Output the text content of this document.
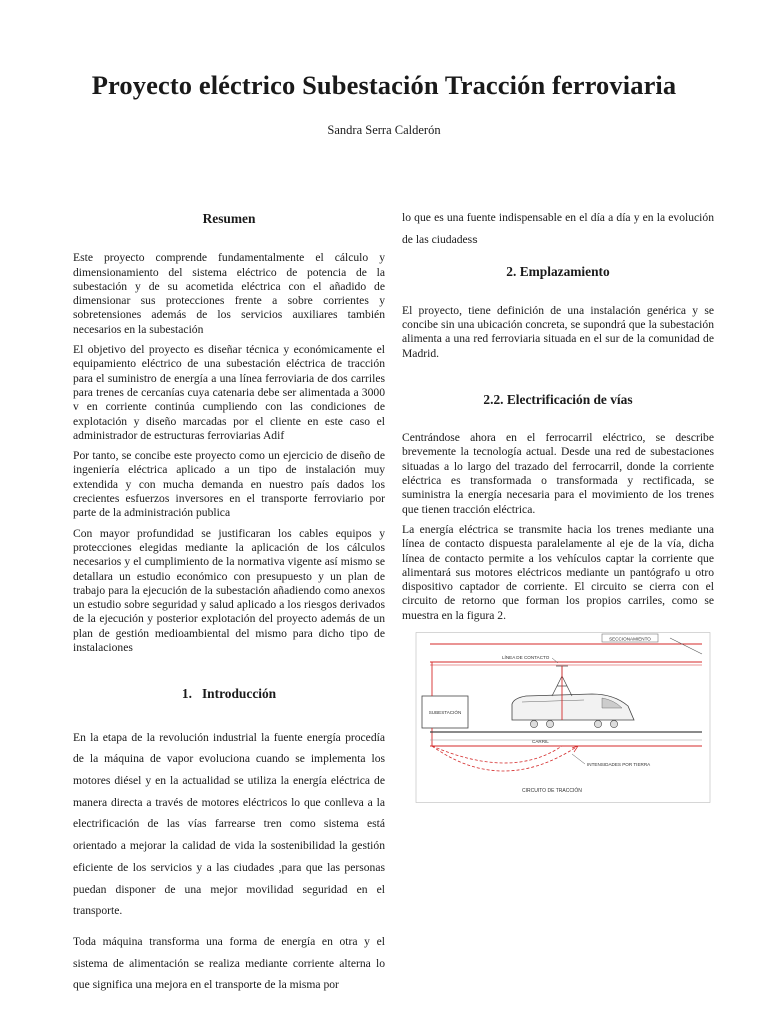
Proyecto eléctrico Subestación Tracción ferroviaria
Sandra Serra Calderón
Resumen

Este proyecto comprende fundamentalmente el cálculo y dimensionamiento del sistema eléctrico de potencia de la subestación y de su acometida eléctrica con el añadido de dimensionar sus protecciones frente a sobre corrientes y sobretensiones además de los servicios auxiliares también necesarios en la subestación

El objetivo del proyecto es diseñar técnica y económicamente el equipamiento eléctrico de una subestación eléctrica de tracción para el suministro de energía a una línea ferroviaria de dos carriles para trenes de cercanías cuya catenaria debe ser alimentada a 3000 v en corriente continúa cumpliendo con las condiciones de explotación y diseño marcadas por el cliente en este caso el administrador de estructuras ferroviarias Adif

Por tanto, se concibe este proyecto como un ejercicio de diseño de ingeniería eléctrica aplicado a un tipo de instalación muy extendida y con mucha demanda en nuestro país dados los crecientes esfuerzos inversores en el transporte ferroviario por parte de la administración publica

Con mayor profundidad se justificaran los cables equipos y protecciones elegidas mediante la aplicación de los cálculos necesarios y el cumplimiento de la normativa vigente así mismo se detallara un estudio económico con presupuesto y un plan de trabajo para la ejecución de la subestación añadiendo como anexos un estudio sobre seguridad y salud aplicado a los riesgos derivados de la ejecución y posterior explotación del proyecto además de un plan de gestión medioambiental del mismo para dicho tipo de instalaciones

1.   Introducción

En la etapa de la revolución industrial la fuente energía procedía de la máquina de vapor evoluciona cuando se implementa los motores diésel y en la actualidad se utiliza la energía eléctrica de manera directa a través de motores eléctricos lo que conlleva a la electrificación de las vías farrearse tren como sistema está orientado a mejorar la calidad de vida la sostenibilidad la gestión eficiente de los servicios y a las ciudades ,para que las personas puedan disponer de una mejor movilidad seguridad en el transporte.

Toda máquina transforma una forma de energía en otra y el sistema de alimentación se realiza mediante corriente alterna lo que significa una mejora en el transporte de la misma por

lo que es una fuente indispensable en el día a día y en la evolución de las ciudadess

2. Emplazamiento

El proyecto, tiene definición de una instalación genérica y se concibe sin una ubicación concreta, se supondrá que la subestación alimenta a una red ferroviaria situada en el sur de la comunidad de Madrid.

2.2. Electrificación de vías

Centrándose ahora en el ferrocarril eléctrico, se describe brevemente la tecnología actual. Desde una red de subestaciones situadas a lo largo del trazado del ferrocarril, donde la corriente eléctrica es transformada o transformada y rectificada, se suministra la energía necesaria para el movimiento de los trenes que tienen tracción eléctrica.

La energía eléctrica se transmite hacia los trenes mediante una línea de contacto dispuesta paralelamente al eje de la vía, dicha línea de contacto permite a los vehículos captar la corriente que alimentará sus motores eléctricos mediante un pantógrafo u otro dispositivo captador de corriente. El circuito se cierra con el circuito de retorno que forman los propios carriles, como se muestra en la figura 2.

SECCIONAMIENTO
LÍNEA DE CONTACTO
SUBESTACIÓN
CARRIL
INTENSIDADES POR TIERRA
CIRCUITO DE TRACCIÓN
